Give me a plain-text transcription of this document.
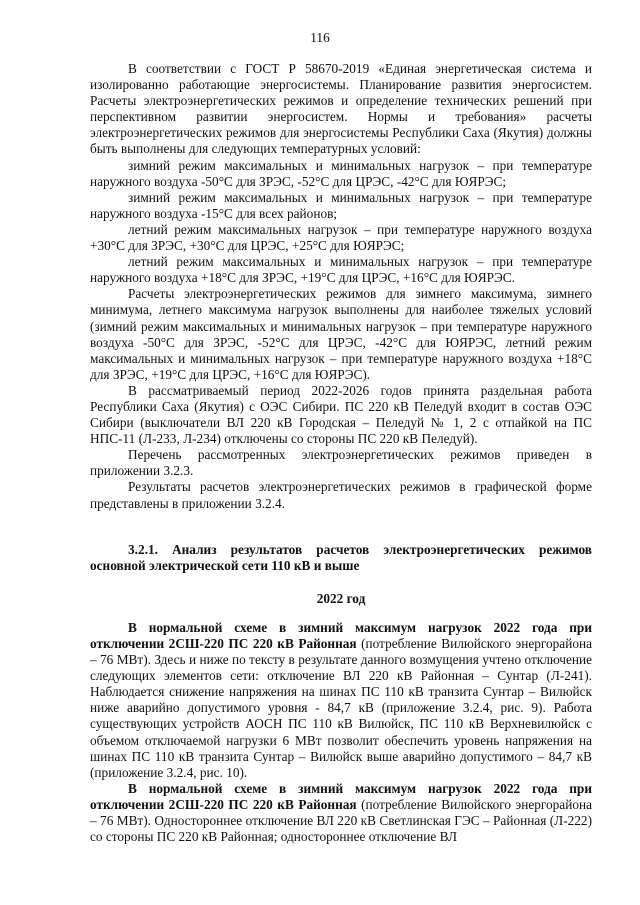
116

В соответствии с ГОСТ Р 58670-2019 «Единая энергетическая система и изолированно работающие энергосистемы. Планирование развития энергосистем. Расчеты электроэнергетических режимов и определение технических решений при перспективном развитии энергосистем. Нормы и требования» расчеты электроэнергетических режимов для энергосистемы Республики Саха (Якутия) должны быть выполнены для следующих температурных условий:

зимний режим максимальных и минимальных нагрузок – при температуре наружного воздуха -50°С для ЗРЭС, -52°С для ЦРЭС, -42°С для ЮЯРЭС;

зимний режим максимальных и минимальных нагрузок – при температуре наружного воздуха -15°С для всех районов;

летний режим максимальных нагрузок – при температуре наружного воздуха +30°С для ЗРЭС, +30°С для ЦРЭС, +25°С для ЮЯРЭС;

летний режим максимальных и минимальных нагрузок – при температуре наружного воздуха +18°С для ЗРЭС, +19°С для ЦРЭС, +16°С для ЮЯРЭС.

Расчеты электроэнергетических режимов для зимнего максимума, зимнего минимума, летнего максимума нагрузок выполнены для наиболее тяжелых условий (зимний режим максимальных и минимальных нагрузок – при температуре наружного воздуха -50°С для ЗРЭС, -52°С для ЦРЭС, -42°С для ЮЯРЭС, летний режим максимальных и минимальных нагрузок – при температуре наружного воздуха +18°С для ЗРЭС, +19°С для ЦРЭС, +16°С для ЮЯРЭС).

В рассматриваемый период 2022-2026 годов принята раздельная работа Республики Саха (Якутия) с ОЭС Сибири. ПС 220 кВ Пеледуй входит в состав ОЭС Сибири (выключатели ВЛ 220 кВ Городская – Пеледуй № 1, 2 с отпайкой на ПС НПС-11 (Л-233, Л-234) отключены со стороны ПС 220 кВ Пеледуй).

Перечень рассмотренных электроэнергетических режимов приведен в приложении 3.2.3.

Результаты расчетов электроэнергетических режимов в графической форме представлены в приложении 3.2.4.

3.2.1. Анализ результатов расчетов электроэнергетических режимов основной электрической сети 110 кВ и выше

2022 год

В нормальной схеме в зимний максимум нагрузок 2022 года при отключении 2СШ-220 ПС 220 кВ Районная (потребление Вилюйского энергорайона – 76 МВт). Здесь и ниже по тексту в результате данного возмущения учтено отключение следующих элементов сети: отключение ВЛ 220 кВ Районная – Сунтар (Л-241). Наблюдается снижение напряжения на шинах ПС 110 кВ транзита Сунтар – Вилюйск ниже аварийно допустимого уровня - 84,7 кВ (приложение 3.2.4, рис. 9). Работа существующих устройств АОСН ПС 110 кВ Вилюйск, ПС 110 кВ Верхневилюйск с объемом отключаемой нагрузки 6 МВт позволит обеспечить уровень напряжения на шинах ПС 110 кВ транзита Сунтар – Вилюйск выше аварийно допустимого – 84,7 кВ (приложение 3.2.4, рис. 10).

В нормальной схеме в зимний максимум нагрузок 2022 года при отключении 2СШ-220 ПС 220 кВ Районная (потребление Вилюйского энергорайона – 76 МВт). Одностороннее отключение ВЛ 220 кВ Светлинская ГЭС – Районная (Л-222) со стороны ПС 220 кВ Районная; одностороннее отключение ВЛ
